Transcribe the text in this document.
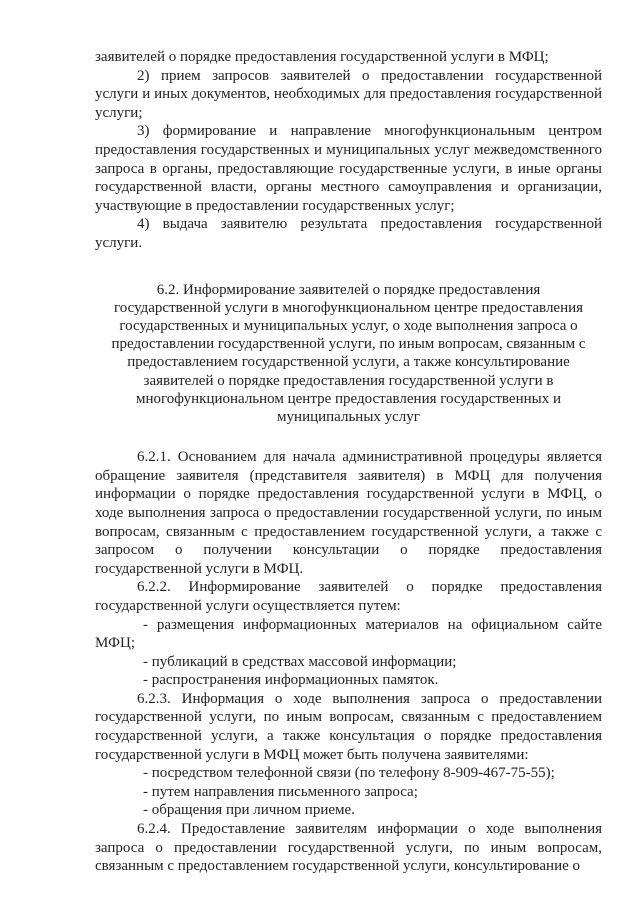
заявителей о порядке предоставления государственной услуги в МФЦ;

2) прием запросов заявителей о предоставлении государственной услуги и иных документов, необходимых для предоставления государственной услуги;

3) формирование и направление многофункциональным центром предоставления государственных и муниципальных услуг межведомственного запроса в органы, предоставляющие государственные услуги, в иные органы государственной власти, органы местного самоуправления и организации, участвующие в предоставлении государственных услуг;

4) выдача заявителю результата предоставления государственной услуги.

6.2. Информирование заявителей о порядке предоставления государственной услуги в многофункциональном центре предоставления государственных и муниципальных услуг, о ходе выполнения запроса о предоставлении государственной услуги, по иным вопросам, связанным с предоставлением государственной услуги, а также консультирование заявителей о порядке предоставления государственной услуги в многофункциональном центре предоставления государственных и муниципальных услуг

6.2.1. Основанием для начала административной процедуры является обращение заявителя (представителя заявителя) в МФЦ для получения информации о порядке предоставления государственной услуги в МФЦ, о ходе выполнения запроса о предоставлении государственной услуги, по иным вопросам, связанным с предоставлением государственной услуги, а также с запросом о получении консультации о порядке предоставления государственной услуги в МФЦ.

6.2.2. Информирование заявителей о порядке предоставления государственной услуги осуществляется путем:

- размещения информационных материалов на официальном сайте МФЦ;

- публикаций в средствах массовой информации;

- распространения информационных памяток.

6.2.3. Информация о ходе выполнения запроса о предоставлении государственной услуги, по иным вопросам, связанным с предоставлением государственной услуги, а также консультация о порядке предоставления государственной услуги в МФЦ может быть получена заявителями:

- посредством телефонной связи (по телефону 8-909-467-75-55);

- путем направления письменного запроса;

- обращения при личном приеме.

6.2.4. Предоставление заявителям информации о ходе выполнения запроса о предоставлении государственной услуги, по иным вопросам, связанным с предоставлением государственной услуги, консультирование о
